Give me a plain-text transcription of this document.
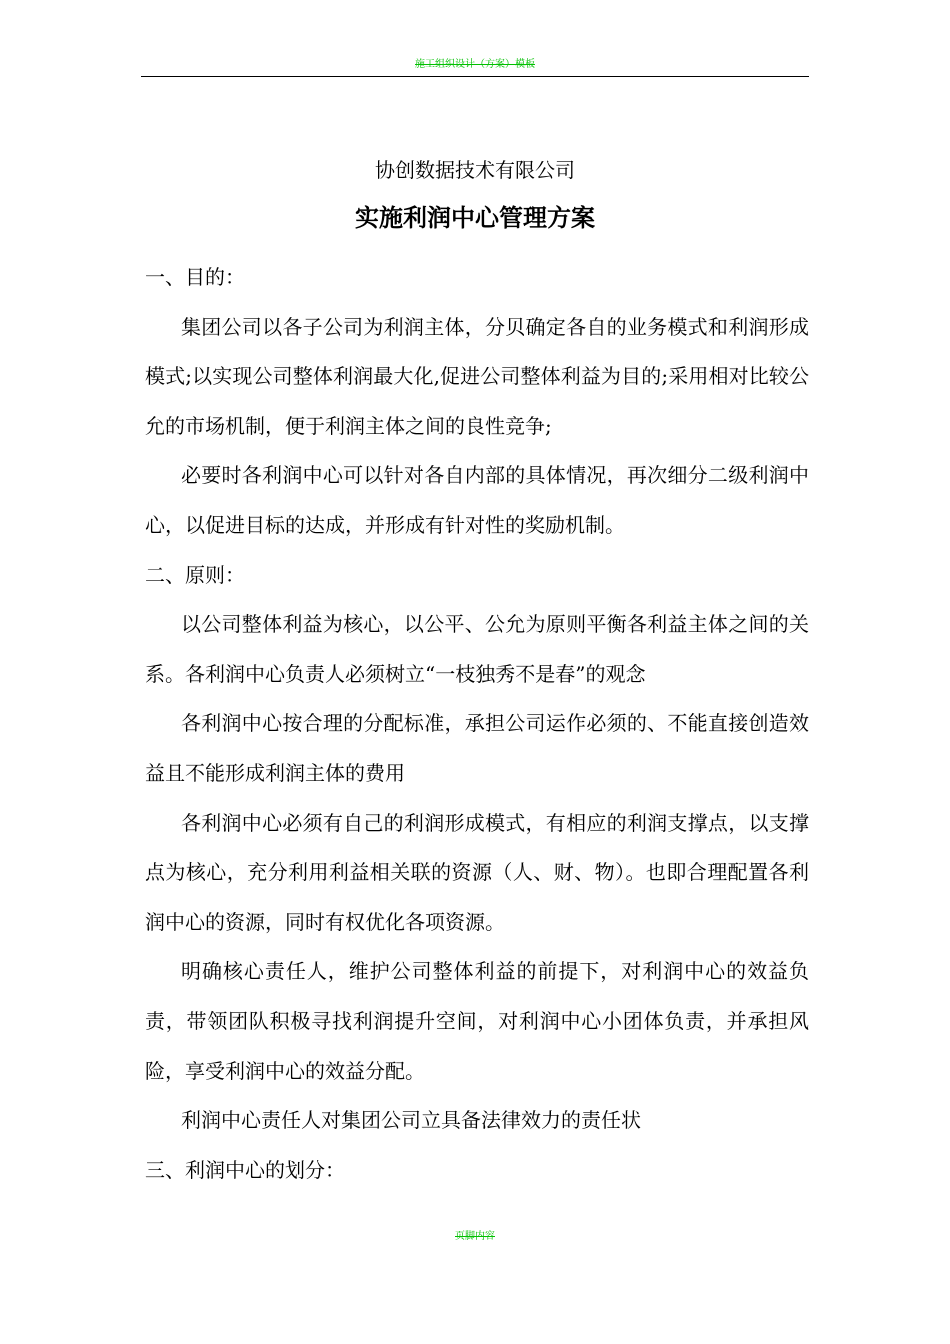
施工组织设计（方案）模板
协创数据技术有限公司
实施利润中心管理方案

一、目的：

集团公司以各子公司为利润主体，分贝确定各自的业务模式和利润形成模式;以实现公司整体利润最大化,促进公司整体利益为目的;采用相对比较公允的市场机制，便于利润主体之间的良性竞争;

必要时各利润中心可以针对各自内部的具体情况，再次细分二级利润中心，以促进目标的达成，并形成有针对性的奖励机制。

二、原则：

以公司整体利益为核心，以公平、公允为原则平衡各利益主体之间的关系。各利润中心负责人必须树立“一枝独秀不是春”的观念

各利润中心按合理的分配标准，承担公司运作必须的、不能直接创造效益且不能形成利润主体的费用

各利润中心必须有自己的利润形成模式，有相应的利润支撑点，以支撑点为核心，充分利用利益相关联的资源（人、财、物）。也即合理配置各利润中心的资源，同时有权优化各项资源。

明确核心责任人，维护公司整体利益的前提下，对利润中心的效益负责，带领团队积极寻找利润提升空间，对利润中心小团体负责，并承担风险，享受利润中心的效益分配。

利润中心责任人对集团公司立具备法律效力的责任状

三、利润中心的划分：

页脚内容
